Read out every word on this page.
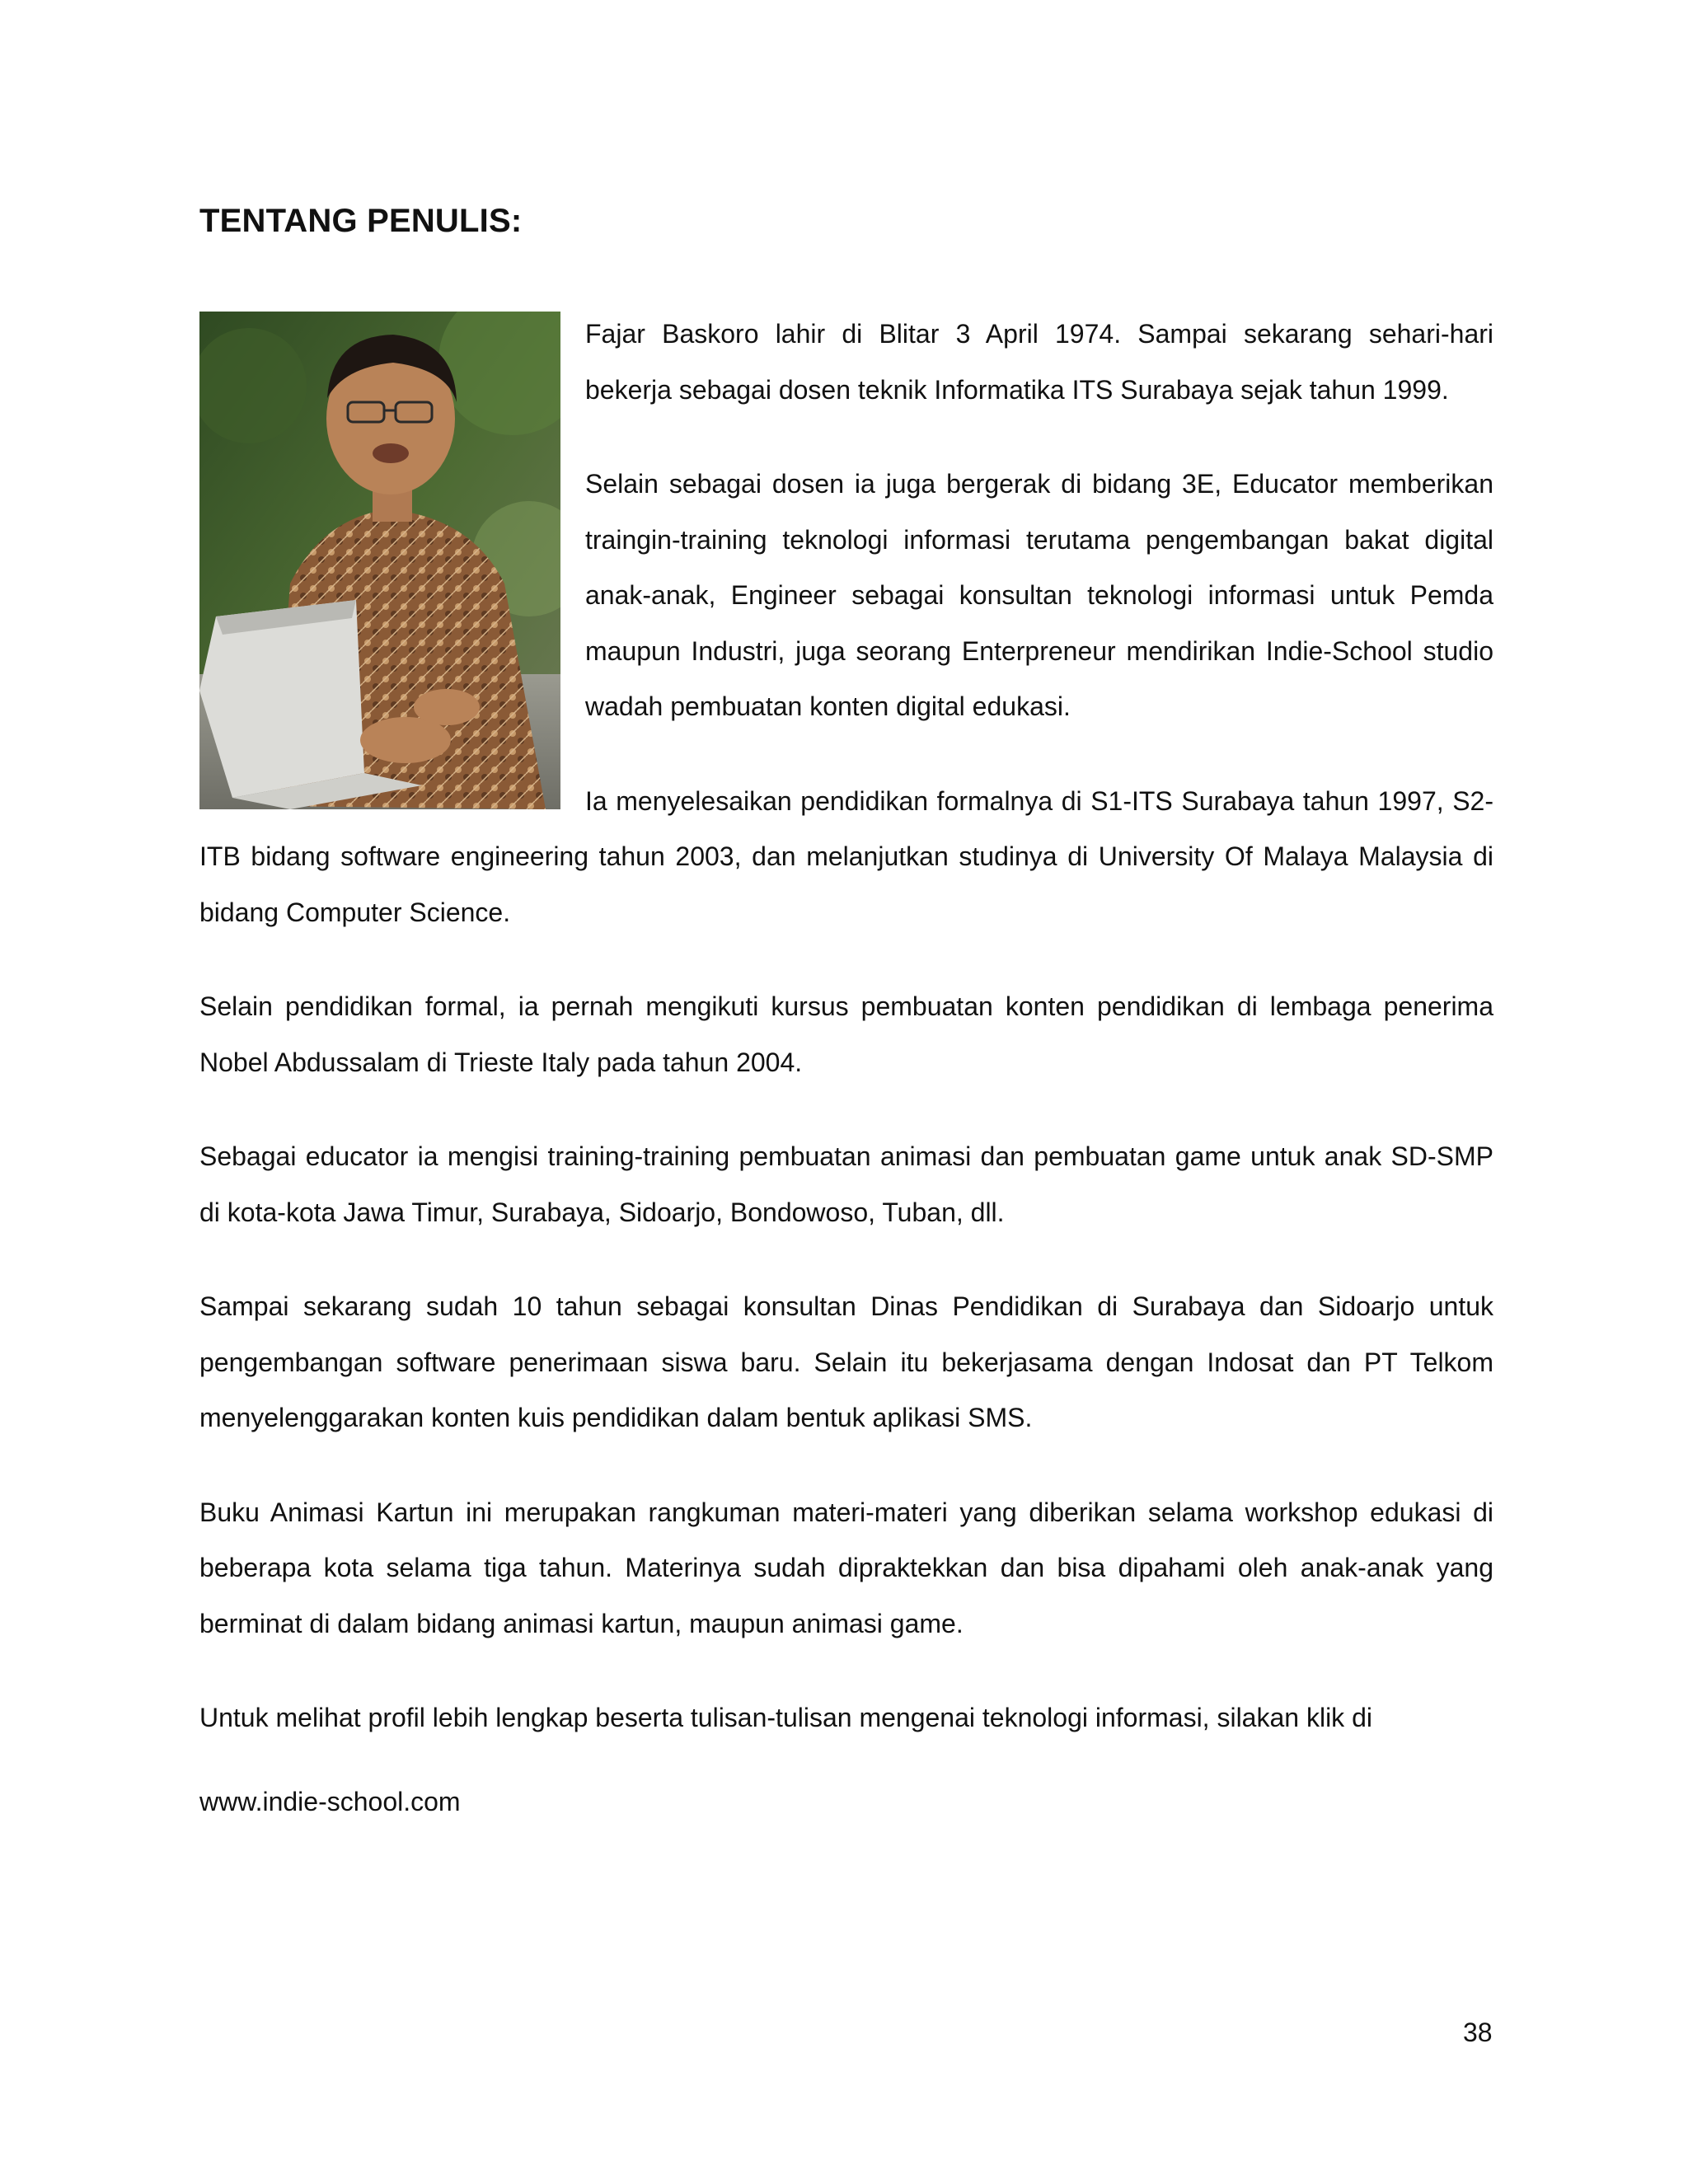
TENTANG PENULIS:

Fajar Baskoro lahir di Blitar 3 April 1974. Sampai sekarang sehari-hari bekerja sebagai dosen teknik Informatika ITS Surabaya sejak tahun 1999.

Selain sebagai dosen ia juga bergerak di bidang 3E, Educator memberikan traingin-training teknologi informasi terutama pengembangan bakat digital anak-anak, Engineer sebagai konsultan teknologi informasi untuk Pemda maupun Industri, juga seorang Enterpreneur mendirikan Indie-School studio wadah pembuatan konten digital edukasi.

Ia menyelesaikan pendidikan formalnya di S1-ITS Surabaya tahun 1997, S2-ITB bidang software engineering tahun 2003, dan melanjutkan studinya di University Of Malaya Malaysia di bidang Computer Science.

Selain pendidikan formal, ia pernah mengikuti kursus pembuatan konten pendidikan di lembaga penerima Nobel Abdussalam di Trieste Italy pada tahun 2004.

Sebagai educator ia mengisi training-training pembuatan animasi dan pembuatan game untuk anak SD-SMP di kota-kota Jawa Timur, Surabaya, Sidoarjo, Bondowoso, Tuban, dll.

Sampai sekarang sudah 10 tahun sebagai konsultan Dinas Pendidikan di Surabaya dan Sidoarjo untuk pengembangan software penerimaan siswa baru. Selain itu bekerjasama dengan Indosat dan PT Telkom menyelenggarakan konten kuis pendidikan dalam bentuk aplikasi SMS.

Buku Animasi Kartun ini merupakan rangkuman materi-materi yang diberikan selama workshop edukasi di beberapa kota selama tiga tahun. Materinya sudah dipraktekkan dan bisa dipahami oleh anak-anak yang berminat di dalam bidang animasi kartun, maupun animasi game.

Untuk melihat profil lebih lengkap beserta tulisan-tulisan mengenai teknologi informasi, silakan klik di

www.indie-school.com
38
